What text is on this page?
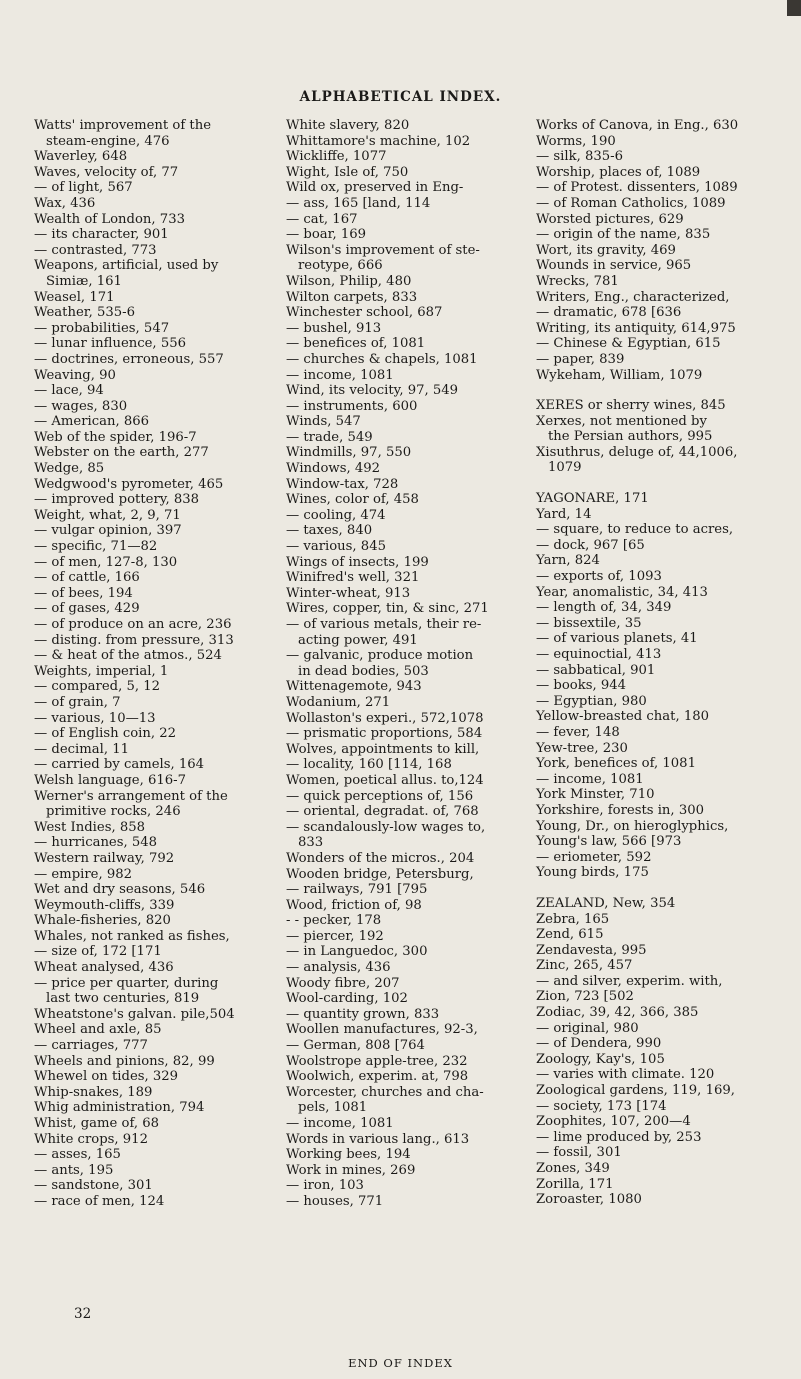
ALPHABETICAL INDEX.

Watts' improvement of the

steam-engine, 476

Waverley, 648

Waves, velocity of, 77

— of light, 567

Wax, 436

Wealth of London, 733

— its character, 901

— contrasted, 773

Weapons, artificial, used by

Simiæ, 161

Weasel, 171

Weather, 535-6

— probabilities, 547

— lunar influence, 556

— doctrines, erroneous, 557

Weaving, 90

— lace, 94

— wages, 830

— American, 866

Web of the spider, 196-7

Webster on the earth, 277

Wedge, 85

Wedgwood's pyrometer, 465

— improved pottery, 838

Weight, what, 2, 9, 71

— vulgar opinion, 397

— specific, 71—82

— of men, 127-8, 130

— of cattle, 166

— of bees, 194

— of gases, 429

— of produce on an acre, 236

— disting. from pressure, 313

— & heat of the atmos., 524

Weights, imperial, 1

— compared, 5, 12

— of grain, 7

— various, 10—13

— of English coin, 22

— decimal, 11

— carried by camels, 164

Welsh language, 616-7

Werner's arrangement of the

primitive rocks, 246

West Indies, 858

— hurricanes, 548

Western railway, 792

— empire, 982

Wet and dry seasons, 546

Weymouth-cliffs, 339

Whale-fisheries, 820

Whales, not ranked as fishes,

— size of, 172 [171

Wheat analysed, 436

— price per quarter, during

last two centuries, 819

Wheatstone's galvan. pile,504

Wheel and axle, 85

— carriages, 777

Wheels and pinions, 82, 99

Whewel on tides, 329

Whip-snakes, 189

Whig administration, 794

Whist, game of, 68

White crops, 912

— asses, 165

— ants, 195

— sandstone, 301

— race of men, 124

White slavery, 820

Whittamore's machine, 102

Wickliffe, 1077

Wight, Isle of, 750

Wild ox, preserved in Eng-

— ass, 165 [land, 114

— cat, 167

— boar, 169

Wilson's improvement of ste-

reotype, 666

Wilson, Philip, 480

Wilton carpets, 833

Winchester school, 687

— bushel, 913

— benefices of, 1081

— churches & chapels, 1081

— income, 1081

Wind, its velocity, 97, 549

— instruments, 600

Winds, 547

— trade, 549

Windmills, 97, 550

Windows, 492

Window-tax, 728

Wines, color of, 458

— cooling, 474

— taxes, 840

— various, 845

Wings of insects, 199

Winifred's well, 321

Winter-wheat, 913

Wires, copper, tin, & sinc, 271

— of various metals, their re-

acting power, 491

— galvanic, produce motion

in dead bodies, 503

Wittenagemote, 943

Wodanium, 271

Wollaston's experi., 572,1078

— prismatic proportions, 584

Wolves, appointments to kill,

— locality, 160 [114, 168

Women, poetical allus. to,124

— quick perceptions of, 156

— oriental, degradat. of, 768

— scandalously-low wages to,

833

Wonders of the micros., 204

Wooden bridge, Petersburg,

— railways, 791 [795

Wood, friction of, 98

- - pecker, 178

— piercer, 192

— in Languedoc, 300

— analysis, 436

Woody fibre, 207

Wool-carding, 102

— quantity grown, 833

Woollen manufactures, 92-3,

— German, 808 [764

Woolstrope apple-tree, 232

Woolwich, experim. at, 798

Worcester, churches and cha-

pels, 1081

— income, 1081

Words in various lang., 613

Working bees, 194

Work in mines, 269

— iron, 103

— houses, 771

Works of Canova, in Eng., 630

Worms, 190

— silk, 835-6

Worship, places of, 1089

— of Protest. dissenters, 1089

— of Roman Catholics, 1089

Worsted pictures, 629

— origin of the name, 835

Wort, its gravity, 469

Wounds in service, 965

Wrecks, 781

Writers, Eng., characterized,

— dramatic, 678 [636

Writing, its antiquity, 614,975

— Chinese & Egyptian, 615

— paper, 839

Wykeham, William, 1079

XERES or sherry wines, 845

Xerxes, not mentioned by

the Persian authors, 995

Xisuthrus, deluge of, 44,1006,

1079

YAGONARE, 171

Yard, 14

— square, to reduce to acres,

— dock, 967 [65

Yarn, 824

— exports of, 1093

Year, anomalistic, 34, 413

— length of, 34, 349

— bissextile, 35

— of various planets, 41

— equinoctial, 413

— sabbatical, 901

— books, 944

— Egyptian, 980

Yellow-breasted chat, 180

— fever, 148

Yew-tree, 230

York, benefices of, 1081

— income, 1081

York Minster, 710

Yorkshire, forests in, 300

Young, Dr., on hieroglyphics,

Young's law, 566 [973

— eriometer, 592

Young birds, 175

ZEALAND, New, 354

Zebra, 165

Zend, 615

Zendavesta, 995

Zinc, 265, 457

— and silver, experim. with,

Zion, 723 [502

Zodiac, 39, 42, 366, 385

— original, 980

— of Dendera, 990

Zoology, Kay's, 105

— varies with climate. 120

Zoological gardens, 119, 169,

— society, 173 [174

Zoophites, 107, 200—4

— lime produced by, 253

— fossil, 301

Zones, 349

Zorilla, 171

Zoroaster, 1080

32
END OF INDEX
